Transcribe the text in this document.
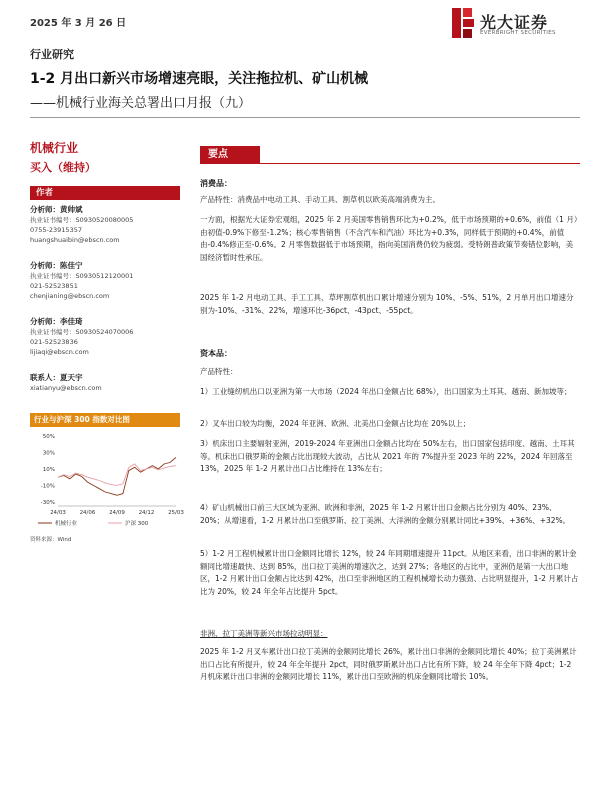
2025 年 3 月 26 日	光大证券
EVERBRIGHT SECURITIES
行业研究
1-2 月出口新兴市场增速亮眼，关注拖拉机、矿山机械
——机械行业海关总署出口月报（九）
机械行业
买入（维持）
作者
分析师：黄帅斌
执业证书编号：S0930520080005
0755-23915357
huangshuaibin@ebscn.com
分析师：陈佳宁
执业证书编号：S0930512120001
021-52523851
chenjianing@ebscn.com
分析师：李佳琦
执业证书编号：S0930524070006
021-52523836
lijiaqi@ebscn.com
联系人：夏天宇
xiatianyu@ebscn.com
行业与沪深 300 指数对比图
50%
30%
10%
-10%
-30%
24/03 24/06 24/09 24/12 25/03
机械行业	沪深 300
资料来源：Wind
要点
消费品：
产品特性：消费品中电动工具、手动工具、割草机以欧美高端消费为主。
一方面，根据光大证券宏观组，2025 年 2 月美国零售销售环比为+0.2%，低于市场预期的+0.6%，前值（1 月）由初值-0.9%下修至-1.2%；核心零售销售（不含汽车和汽油）环比为+0.3%，同样低于预期的+0.4%，前值由-0.4%修正至-0.6%。2 月零售数据低于市场预期，指向美国消费仍较为疲弱。受特朗普政策节奏错位影响，美国经济暂时性承压。
2025 年 1-2 月电动工具、手工工具、草坪割草机出口累计增速分别为 10%、-5%、51%，2 月单月出口增速分别为-10%、-31%、22%，增速环比-36pct、-43pct、-55pct。
资本品：
产品特性：
1）工业缝纫机出口以亚洲为第一大市场（2024 年出口金额占比 68%），出口国家为土耳其、越南、新加坡等；
2）叉车出口较为均衡，2024 年亚洲、欧洲、北美出口金额占比均在 20%以上；
3）机床出口主要辐射亚洲，2019-2024 年亚洲出口金额占比均在 50%左右，出口国家包括印度、越南、土耳其等。机床出口俄罗斯的金额占比出现较大波动，占比从 2021 年的 7%提升至 2023 年的 22%，2024 年回落至 13%，2025 年 1-2 月累计出口占比维持在 13%左右；
4）矿山机械出口前三大区域为亚洲、欧洲和非洲，2025 年 1-2 月累计出口金额占比分别为 40%、23%、20%；从增速看，1-2 月累计出口至俄罗斯、拉丁美洲、大洋洲的金额分别累计同比+39%、+36%、+32%。
5）1-2 月工程机械累计出口金额同比增长 12%，较 24 年同期增速提升 11pct。从地区来看，出口非洲的累计金额同比增速最快、达到 85%，出口拉丁美洲的增速次之、达到 27%；各地区的占比中，亚洲仍是第一大出口地区，1-2 月累计出口金额占比达到 42%，出口至非洲地区的工程机械增长动力强劲、占比明显提升，1-2 月累计占比为 20%，较 24 年全年占比提升 5pct。
非洲、拉丁美洲等新兴市场拉动明显：
2025 年 1-2 月叉车累计出口拉丁美洲的金额同比增长 26%，累计出口非洲的金额同比增长 40%；拉丁美洲累计出口占比有所提升，较 24 年全年提升 2pct，同时俄罗斯累计出口占比有所下降，较 24 年全年下降 4pct；1-2 月机床累计出口非洲的金额同比增长 11%，累计出口至欧洲的机床金额同比增长 10%。
